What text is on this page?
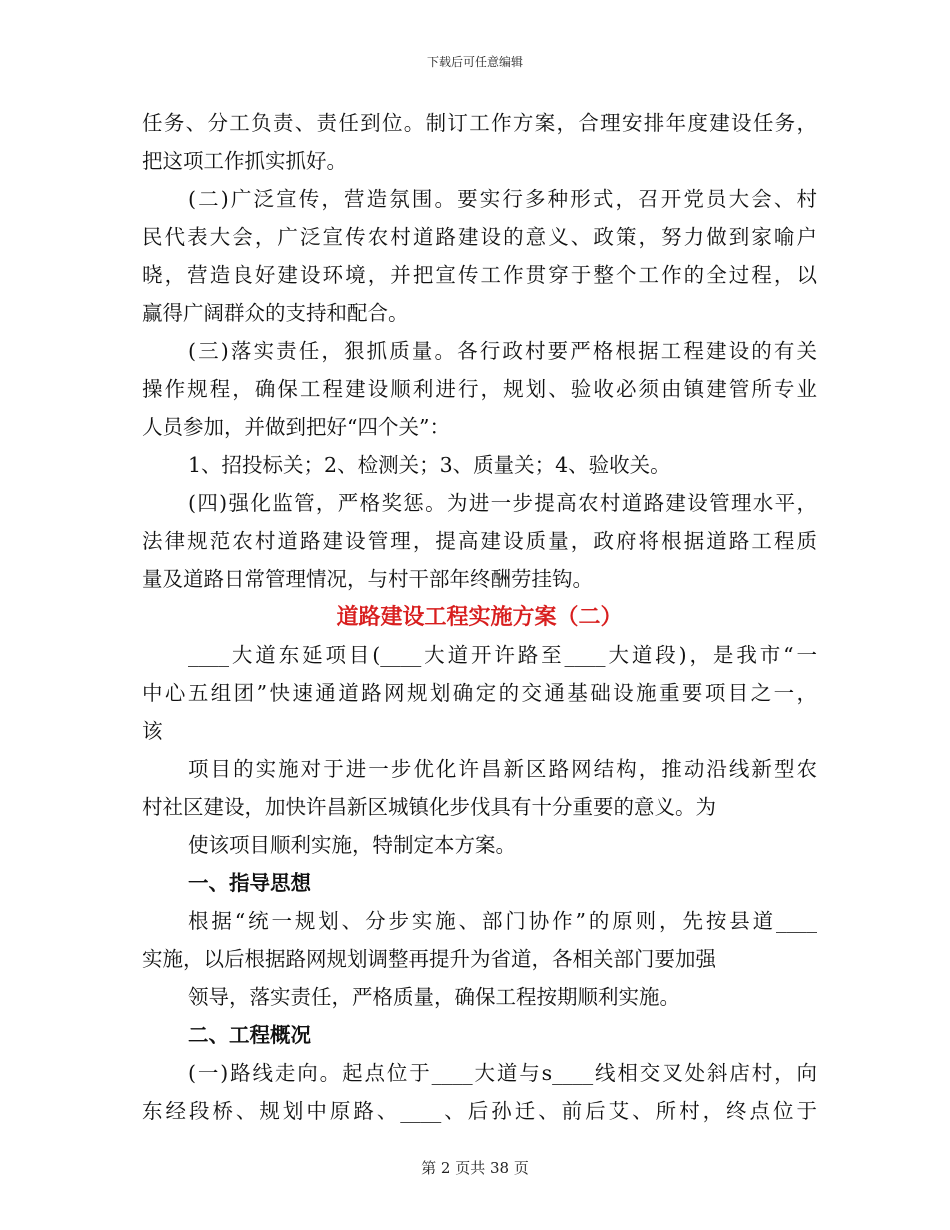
下载后可任意编辑
任务、分工负责、责任到位。制订工作方案，合理安排年度建设任务，
把这项工作抓实抓好。
(二)广泛宣传，营造氛围。要实行多种形式，召开党员大会、村
民代表大会，广泛宣传农村道路建设的意义、政策，努力做到家喻户
晓，营造良好建设环境，并把宣传工作贯穿于整个工作的全过程，以
赢得广阔群众的支持和配合。
(三)落实责任，狠抓质量。各行政村要严格根据工程建设的有关
操作规程，确保工程建设顺利进行，规划、验收必须由镇建管所专业
人员参加，并做到把好“四个关”：
1、招投标关；2、检测关；3、质量关；4、验收关。
(四)强化监管，严格奖惩。为进一步提高农村道路建设管理水平，
法律规范农村道路建设管理，提高建设质量，政府将根据道路工程质
量及道路日常管理情况，与村干部年终酬劳挂钩。
道路建设工程实施方案（二）
____大道东延项目(____大道开许路至____大道段)，是我市“一
中心五组团”快速通道路网规划确定的交通基础设施重要项目之一，
该
项目的实施对于进一步优化许昌新区路网结构，推动沿线新型农
村社区建设，加快许昌新区城镇化步伐具有十分重要的意义。为
使该项目顺利实施，特制定本方案。
一、指导思想
根据“统一规划、分步实施、部门协作”的原则，先按县道____
实施，以后根据路网规划调整再提升为省道，各相关部门要加强
领导，落实责任，严格质量，确保工程按期顺利实施。
二、工程概况
(一)路线走向。起点位于____大道与s____线相交叉处斜店村，向
东经段桥、规划中原路、____、后孙迁、前后艾、所村，终点位于
第 2 页共 38 页
